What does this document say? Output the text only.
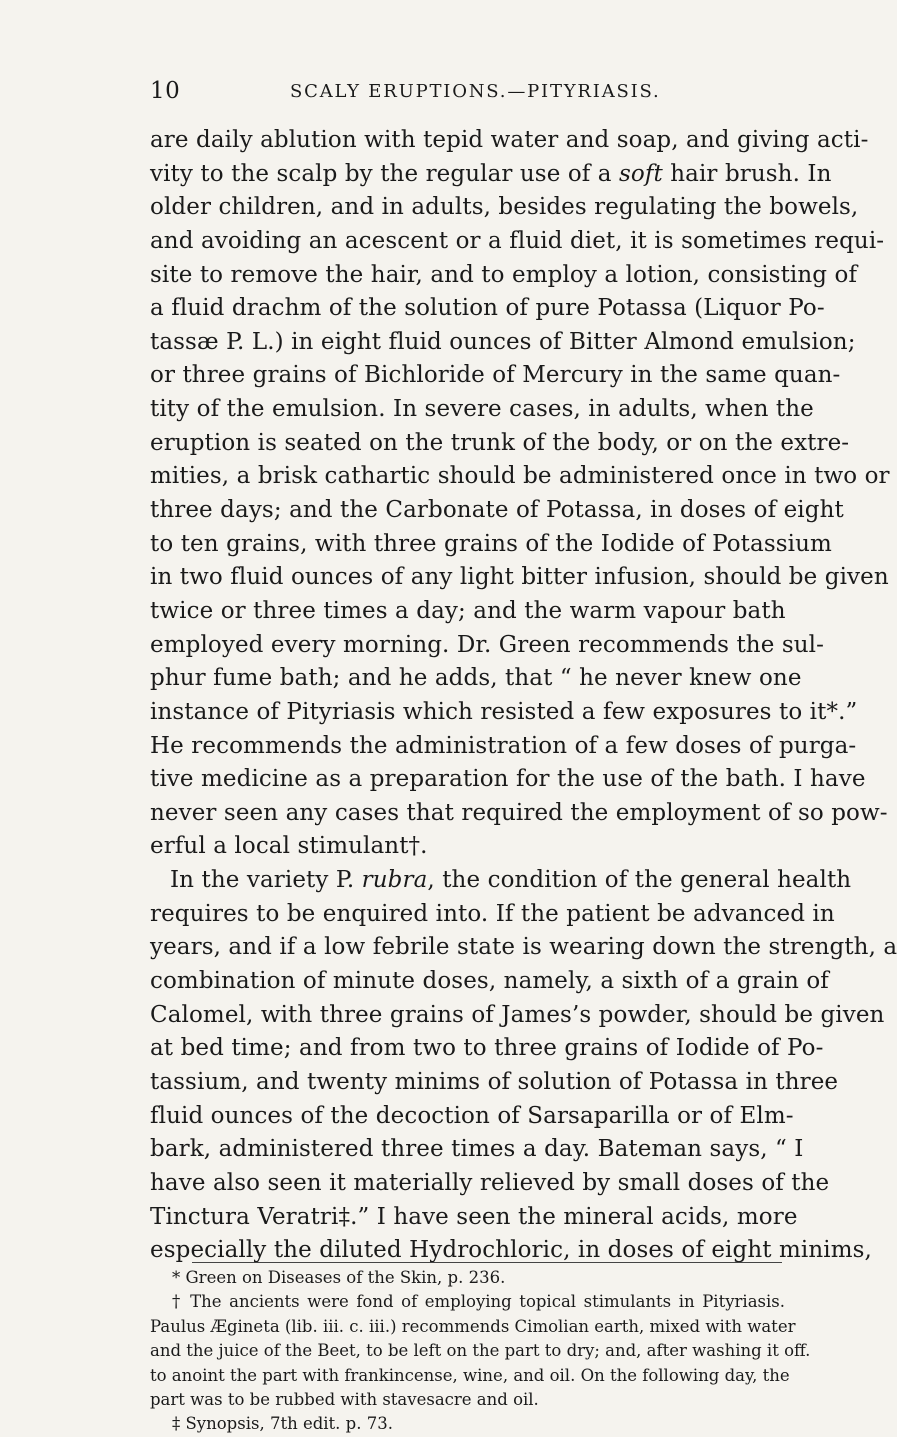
10	SCALY ERUPTIONS.—PITYRIASIS.
are daily ablution with tepid water and soap, and giving acti-
vity to the scalp by the regular use of a soft hair brush. In
older children, and in adults, besides regulating the bowels,
and avoiding an acescent or a fluid diet, it is sometimes requi-
site to remove the hair, and to employ a lotion, consisting of
a fluid drachm of the solution of pure Potassa (Liquor Po-
tassæ P. L.) in eight fluid ounces of Bitter Almond emulsion;
or three grains of Bichloride of Mercury in the same quan-
tity of the emulsion. In severe cases, in adults, when the
eruption is seated on the trunk of the body, or on the extre-
mities, a brisk cathartic should be administered once in two or
three days; and the Carbonate of Potassa, in doses of eight
to ten grains, with three grains of the Iodide of Potassium
in two fluid ounces of any light bitter infusion, should be given
twice or three times a day; and the warm vapour bath
employed every morning. Dr. Green recommends the sul-
phur fume bath; and he adds, that “ he never knew one
instance of Pityriasis which resisted a few exposures to it*.”
He recommends the administration of a few doses of purga-
tive medicine as a preparation for the use of the bath. I have
never seen any cases that required the employment of so pow-
erful a local stimulant†.
In the variety P. rubra, the condition of the general health
requires to be enquired into. If the patient be advanced in
years, and if a low febrile state is wearing down the strength, a
combination of minute doses, namely, a sixth of a grain of
Calomel, with three grains of James’s powder, should be given
at bed time; and from two to three grains of Iodide of Po-
tassium, and twenty minims of solution of Potassa in three
fluid ounces of the decoction of Sarsaparilla or of Elm-
bark, administered three times a day. Bateman says, “ I
have also seen it materially relieved by small doses of the
Tinctura Veratri‡.” I have seen the mineral acids, more
especially the diluted Hydrochloric, in doses of eight minims,
* Green on Diseases of the Skin, p. 236.
† The ancients were fond of employing topical stimulants in Pityriasis.
Paulus Ægineta (lib. iii. c. iii.) recommends Cimolian earth, mixed with water
and the juice of the Beet, to be left on the part to dry; and, after washing it off.
to anoint the part with frankincense, wine, and oil. On the following day, the
part was to be rubbed with stavesacre and oil.
‡ Synopsis, 7th edit. p. 73.
